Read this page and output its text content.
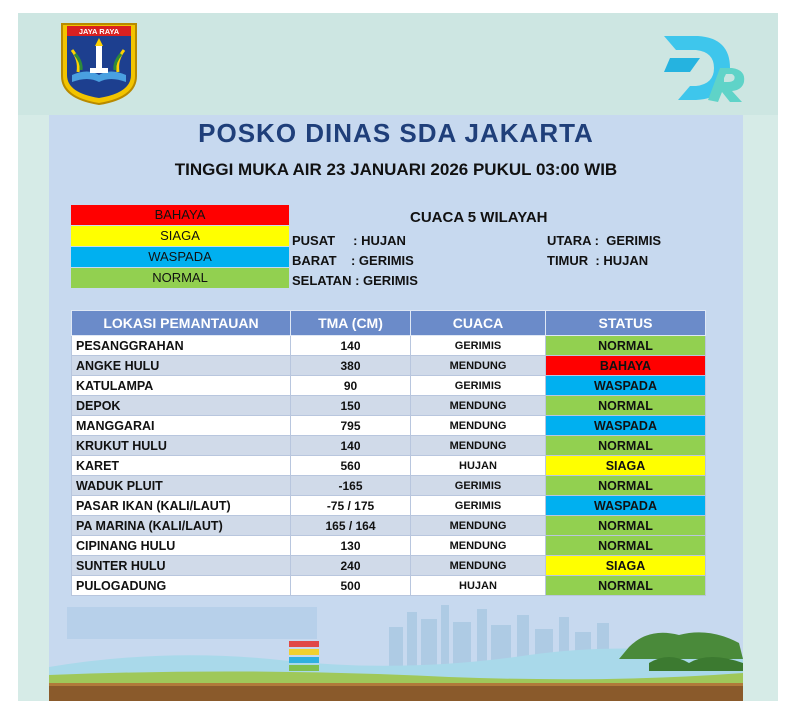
JAYA RAYA
POSKO DINAS SDA JAKARTA
TINGGI MUKA AIR 23 JANUARI 2026 PUKUL 03:00 WIB
BAHAYA
SIAGA
WASPADA
NORMAL
CUACA 5 WILAYAH
PUSAT     : HUJAN
BARAT    : GERIMIS
SELATAN : GERIMIS
UTARA :  GERIMIS
TIMUR  : HUJAN
LOKASI PEMANTAUAN	TMA (CM)	CUACA	STATUS
PESANGGRAHAN	140	GERIMIS	NORMAL
ANGKE HULU	380	MENDUNG	BAHAYA
KATULAMPA	90	GERIMIS	WASPADA
DEPOK	150	MENDUNG	NORMAL
MANGGARAI	795	MENDUNG	WASPADA
KRUKUT HULU	140	MENDUNG	NORMAL
KARET	560	HUJAN	SIAGA
WADUK PLUIT	-165	GERIMIS	NORMAL
PASAR IKAN (KALI/LAUT)	-75 / 175	GERIMIS	WASPADA
PA MARINA (KALI/LAUT)	165 / 164	MENDUNG	NORMAL
CIPINANG HULU	130	MENDUNG	NORMAL
SUNTER HULU	240	MENDUNG	SIAGA
PULOGADUNG	500	HUJAN	NORMAL
